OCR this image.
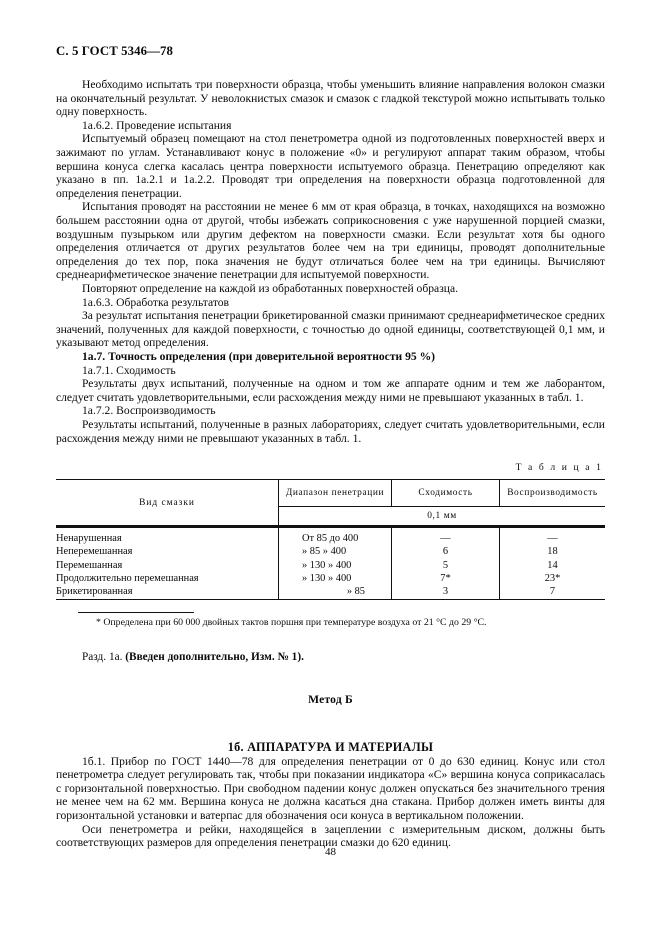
С. 5 ГОСТ 5346—78

Необходимо испытать три поверхности образца, чтобы уменьшить влияние направления волокон смазки на окончательный результат. У неволокнистых смазок и смазок с гладкой текстурой можно испытывать только одну поверхность.

1а.6.2. Проведение испытания

Испытуемый образец помещают на стол пенетрометра одной из подготовленных поверхностей вверх и зажимают по углам. Устанавливают конус в положение «0» и регулируют аппарат таким образом, чтобы вершина конуса слегка касалась центра поверхности испытуемого образца. Пенетрацию определяют как указано в пп. 1а.2.1 и 1а.2.2. Проводят три определения на поверхности образца подготовленной для определения пенетрации.

Испытания проводят на расстоянии не менее 6 мм от края образца, в точках, находящихся на возможно большем расстоянии одна от другой, чтобы избежать соприкосновения с уже нарушенной порцией смазки, воздушным пузырьком или другим дефектом на поверхности смазки. Если результат хотя бы одного определения отличается от других результатов более чем на три единицы, проводят дополнительные определения до тех пор, пока значения не будут отличаться более чем на три единицы. Вычисляют среднеарифметическое значение пенетрации для испытуемой поверхности.

Повторяют определение на каждой из обработанных поверхностей образца.

1а.6.3. Обработка результатов

За результат испытания пенетрации брикетированной смазки принимают среднеарифметическое средних значений, полученных для каждой поверхности, с точностью до одной единицы, соответствующей 0,1 мм, и указывают метод определения.

1а.7. Точность определения (при доверительной вероятности 95 %)

1а.7.1. Сходимость

Результаты двух испытаний, полученные на одном и том же аппарате одним и тем же лаборантом, следует считать удовлетворительными, если расхождения между ними не превышают указанных в табл. 1.

1а.7.2. Воспроизводимость

Результаты испытаний, полученные в разных лабораториях, следует считать удовлетворительными, если расхождения между ними не превышают указанных в табл. 1.

Т а б л и ц а 1
Вид смазки	Диапазон пенетрации	Сходимость	Воспроизводимость
	0,1 мм		

Ненарушенная	От 85 до 400	—	—
Неперемешанная	» 85 » 400	6	18
Перемешанная	» 130 » 400	5	14
Продолжительно перемешанная	» 130 » 400	7*	23*
Брикетированная	» 85	3	7

* Определена при 60 000 двойных тактов поршня при температуре воздуха от 21 °С до 29 °С.

Разд. 1а. (Введен дополнительно, Изм. № 1).

Метод Б
1б. АППАРАТУРА И МАТЕРИАЛЫ

1б.1. Прибор по ГОСТ 1440—78 для определения пенетрации от 0 до 630 единиц. Конус или стол пенетрометра следует регулировать так, чтобы при показании индикатора «С» вершина конуса соприкасалась с горизонтальной поверхностью. При свободном падении конус должен опускаться без значительного трения не менее чем на 62 мм. Вершина конуса не должна касаться дна стакана. Прибор должен иметь винты для горизонтальной установки и ватерпас для обозначения оси конуса в вертикальном положении.

Оси пенетрометра и рейки, находящейся в зацеплении с измерительным диском, должны быть соответствующих размеров для определения пенетрации смазки до 620 единиц.

48
